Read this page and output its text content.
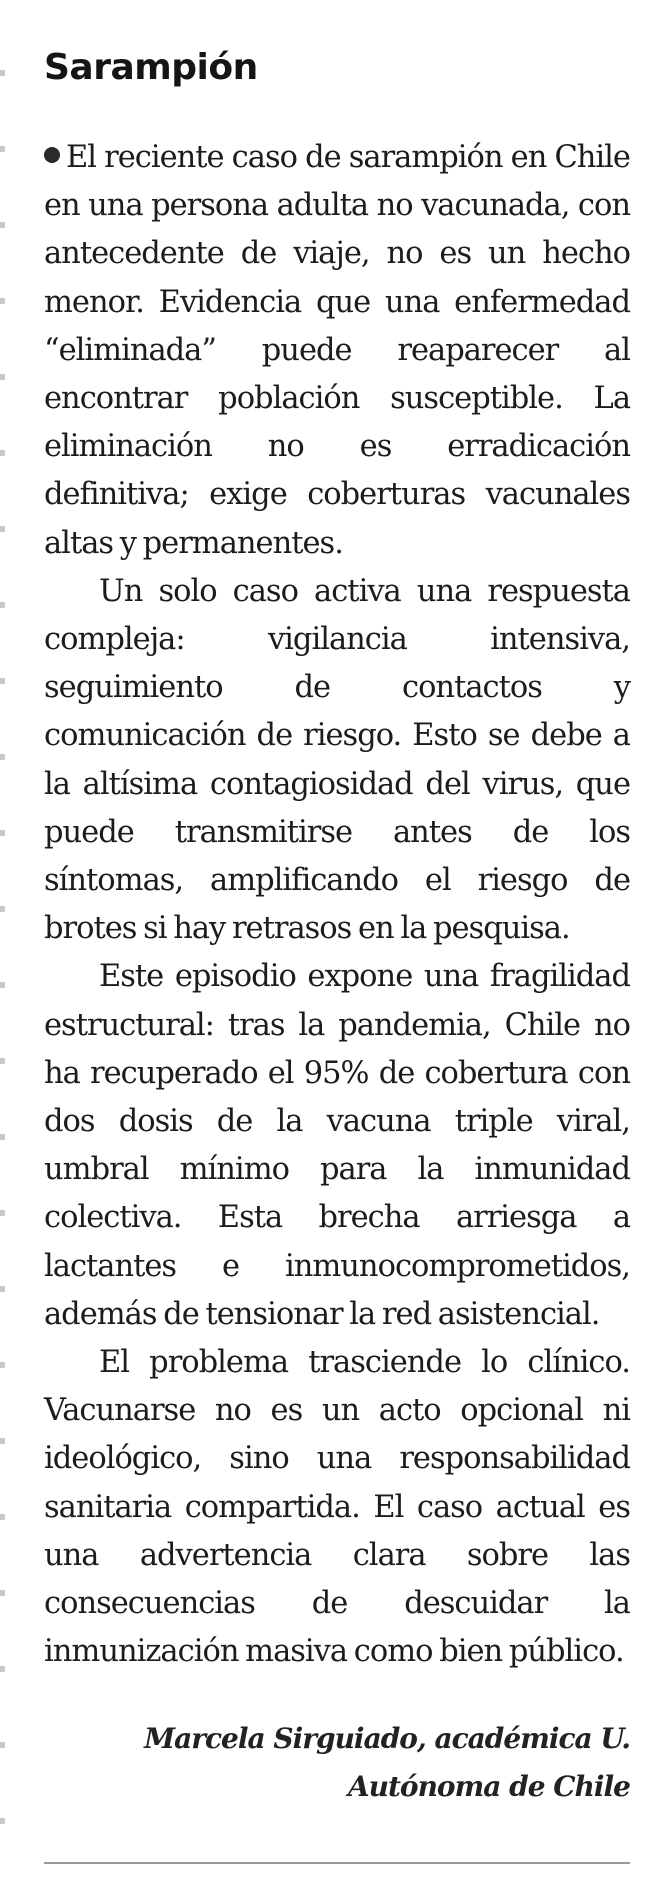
Sarampión

El reciente caso de sarampión en Chile en una persona adulta no vacunada, con antecedente de viaje, no es un hecho menor. Evidencia que una enfermedad “eliminada” puede reaparecer al encontrar población susceptible. La eliminación no es erradicación definitiva; exige coberturas vacunales altas y permanentes.

Un solo caso activa una respuesta compleja: vigilancia intensiva, seguimiento de contactos y comunicación de riesgo. Esto se debe a la altísima contagiosidad del virus, que puede transmitirse antes de los síntomas, amplificando el riesgo de brotes si hay retrasos en la pesquisa.

Este episodio expone una fragilidad estructural: tras la pandemia, Chile no ha recuperado el 95% de cobertura con dos dosis de la vacuna triple viral, umbral mínimo para la inmunidad colectiva. Esta brecha arriesga a lactantes e inmunocomprometidos, además de tensionar la red asistencial.

El problema trasciende lo clínico. Vacunarse no es un acto opcional ni ideológico, sino una responsabilidad sanitaria compartida. El caso actual es una advertencia clara sobre las consecuencias de descuidar la inmunización masiva como bien público.

Marcela Sirguiado, académica U.
Autónoma de Chile
